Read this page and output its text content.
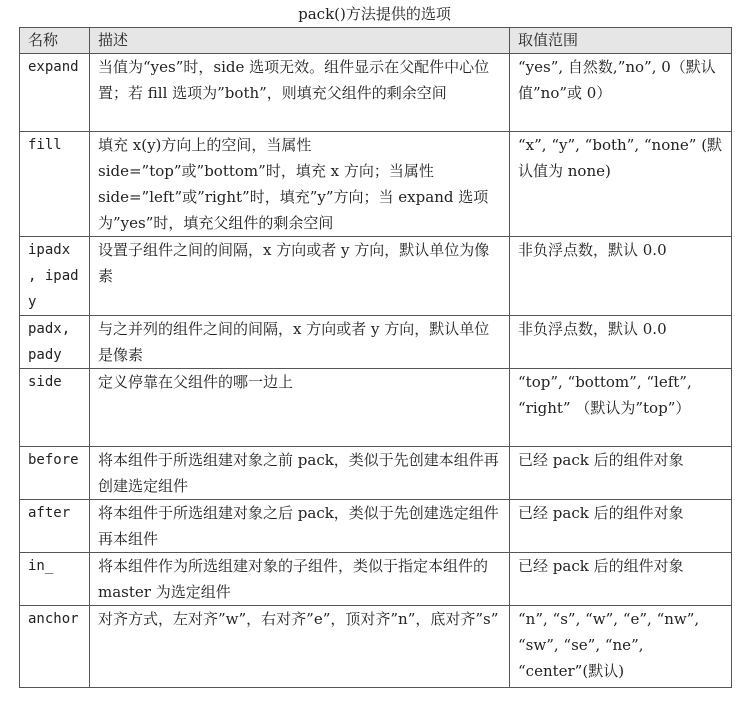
pack()方法提供的选项
名称	描述	取值范围

expand	当值为“yes”时，side 选项无效。组件显示在父配件中心位置；若 fill 选项为”both”，则填充父组件的剩余空间	“yes”, 自然数,”no”, 0（默认值”no”或 0）

fill	填充 x(y)方向上的空间，当属性 side=”top”或”bottom”时，填充 x 方向；当属性 side=”left”或”right”时，填充”y”方向；当 expand 选项为”yes”时，填充父组件的剩余空间	“x”, “y”, “both”, “none” (默认值为 none)

ipadx , ipady	设置子组件之间的间隔，x 方向或者 y 方向，默认单位为像素	非负浮点数，默认 0.0

padx, pady	与之并列的组件之间的间隔，x 方向或者 y 方向，默认单位是像素	非负浮点数，默认 0.0

side	定义停靠在父组件的哪一边上	“top”, “bottom”, “left”, “right” （默认为”top”）

before	将本组件于所选组建对象之前 pack，类似于先创建本组件再创建选定组件	已经 pack 后的组件对象

after	将本组件于所选组建对象之后 pack，类似于先创建选定组件再本组件	已经 pack 后的组件对象

in_	将本组件作为所选组建对象的子组件，类似于指定本组件的 master 为选定组件	已经 pack 后的组件对象

anchor	对齐方式，左对齐”w”，右对齐”e”，顶对齐”n”，底对齐”s”	“n”, “s”, “w”, “e”, “nw”, “sw”, “se”, “ne”, “center”(默认)
